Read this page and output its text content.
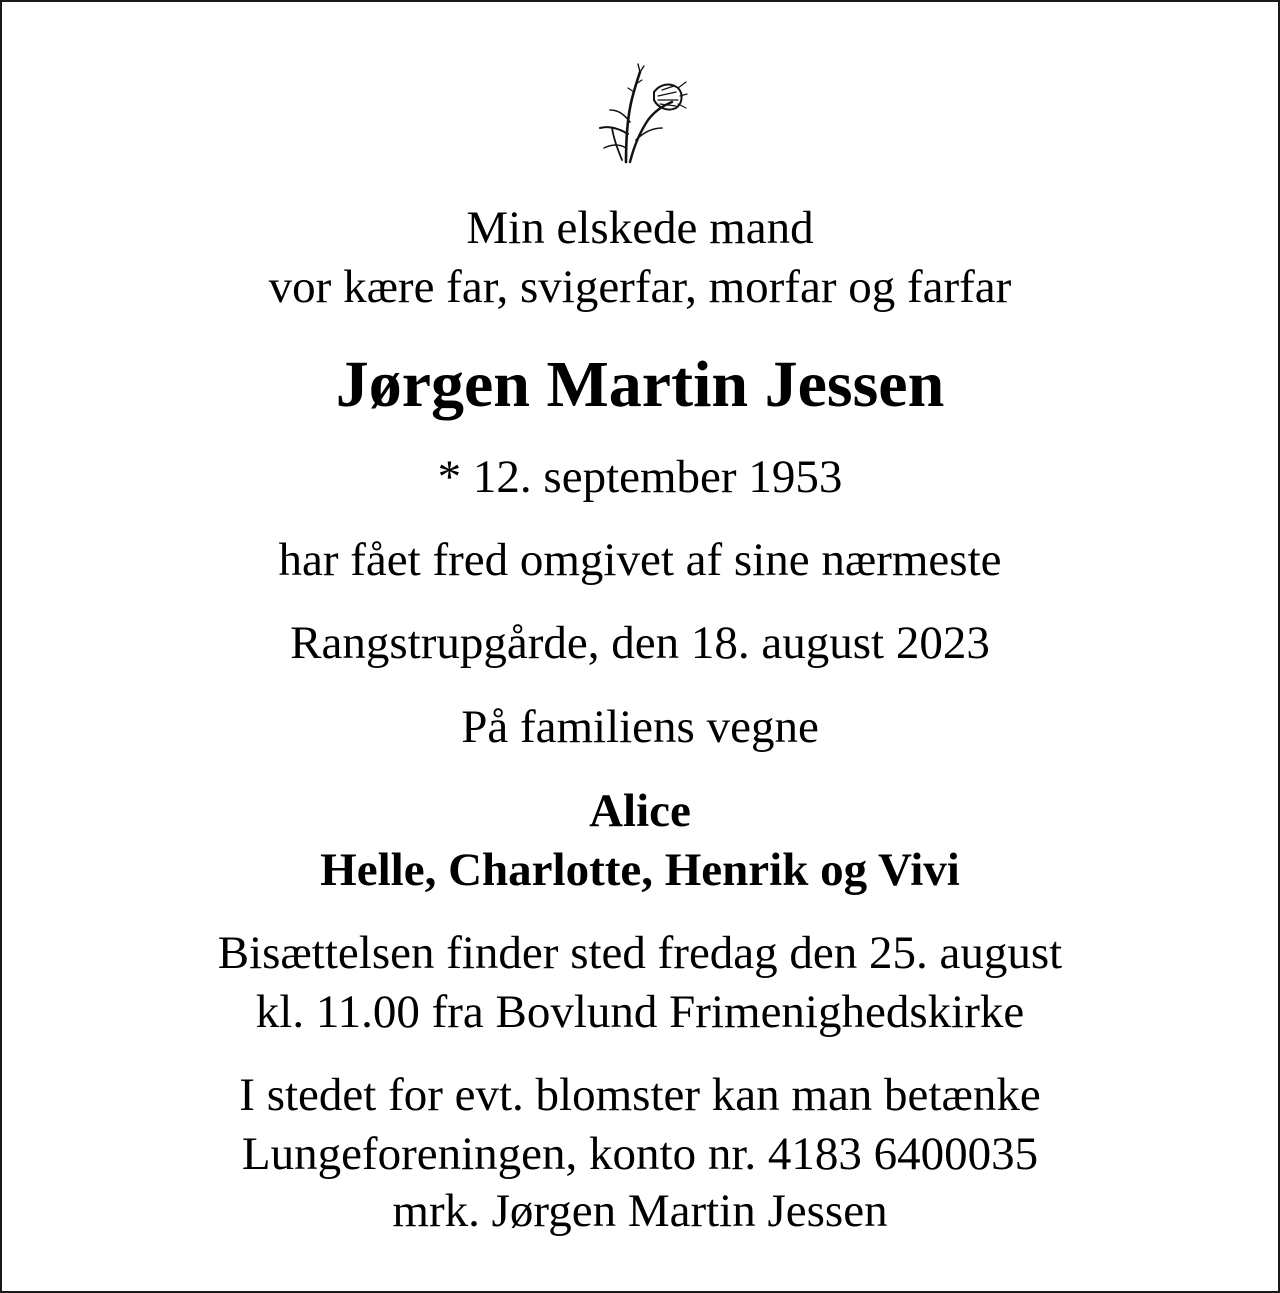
Min elskede mand
vor kære far, svigerfar, morfar og farfar
Jørgen Martin Jessen
* 12. september 1953
har fået fred omgivet af sine nærmeste
Rangstrupgårde, den 18. august 2023
På familiens vegne
Alice
Helle, Charlotte, Henrik og Vivi
Bisættelsen finder sted fredag den 25. august
kl. 11.00 fra Bovlund Frimenighedskirke
I stedet for evt. blomster kan man betænke
Lungeforeningen, konto nr. 4183 6400035
mrk. Jørgen Martin Jessen
